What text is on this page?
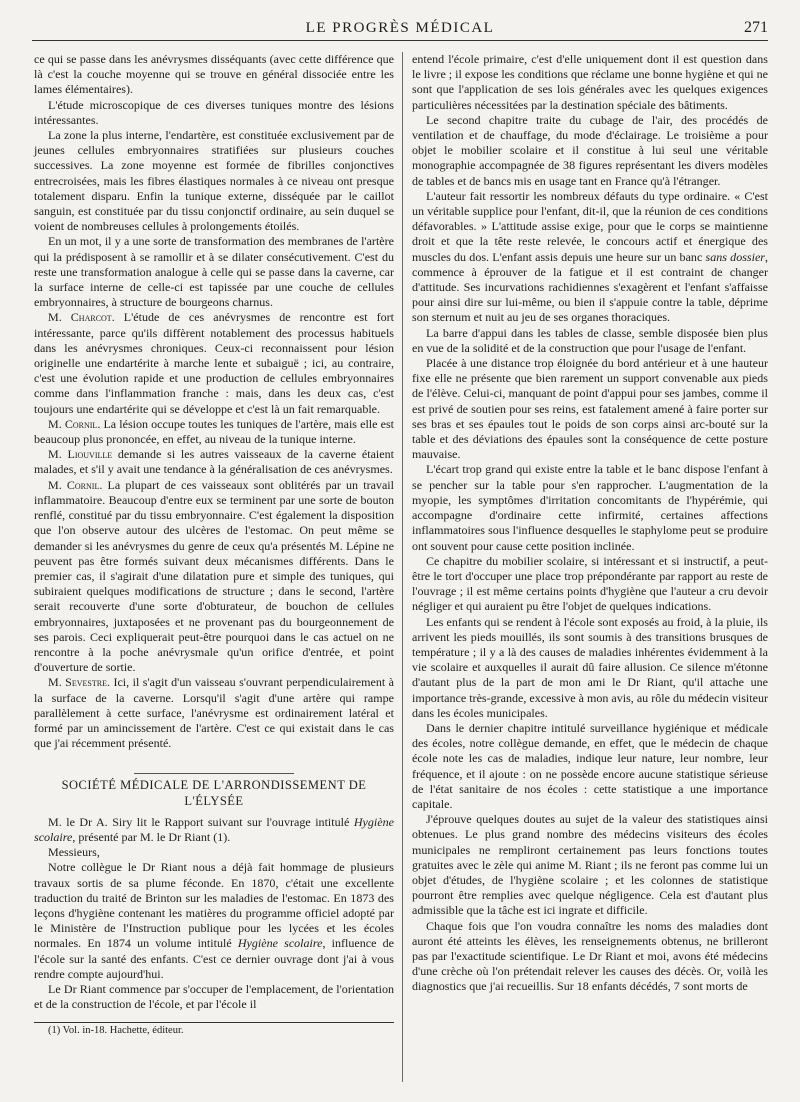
LE PROGRÈS MÉDICAL	271

ce qui se passe dans les anévrysmes disséquants (avec cette différence que là c'est la couche moyenne qui se trouve en général dissociée entre les lames élémentaires).

L'étude microscopique de ces diverses tuniques montre des lésions intéressantes.

La zone la plus interne, l'endartère, est constituée exclusivement par de jeunes cellules embryonnaires stratifiées sur plusieurs couches successives. La zone moyenne est formée de fibrilles conjonctives entrecroisées, mais les fibres élastiques normales à ce niveau ont presque totalement disparu. Enfin la tunique externe, disséquée par le caillot sanguin, est constituée par du tissu conjonctif ordinaire, au sein duquel se voient de nombreuses cellules à prolongements étoilés.

En un mot, il y a une sorte de transformation des membranes de l'artère qui la prédisposent à se ramollir et à se dilater consécutivement. C'est du reste une transformation analogue à celle qui se passe dans la caverne, car la surface interne de celle-ci est tapissée par une couche de cellules embryonnaires, à structure de bourgeons charnus.

M. Charcot. L'étude de ces anévrysmes de rencontre est fort intéressante, parce qu'ils diffèrent notablement des processus habituels dans les anévrysmes chroniques. Ceux-ci reconnaissent pour lésion originelle une endartérite à marche lente et subaiguë ; ici, au contraire, c'est une évolution rapide et une production de cellules embryonnaires comme dans l'inflammation franche : mais, dans les deux cas, c'est toujours une endartérite qui se développe et c'est là un fait remarquable.

M. Cornil. La lésion occupe toutes les tuniques de l'artère, mais elle est beaucoup plus prononcée, en effet, au niveau de la tunique interne.

M. Liouville demande si les autres vaisseaux de la caverne étaient malades, et s'il y avait une tendance à la généralisation de ces anévrysmes.

M. Cornil. La plupart de ces vaisseaux sont oblitérés par un travail inflammatoire. Beaucoup d'entre eux se terminent par une sorte de bouton renflé, constitué par du tissu embryonnaire. C'est également la disposition que l'on observe autour des ulcères de l'estomac. On peut même se demander si les anévrysmes du genre de ceux qu'a présentés M. Lépine ne peuvent pas être formés suivant deux mécanismes différents. Dans le premier cas, il s'agirait d'une dilatation pure et simple des tuniques, qui subiraient quelques modifications de structure ; dans le second, l'artère serait recouverte d'une sorte d'obturateur, de bouchon de cellules embryonnaires, juxtaposées et ne provenant pas du bourgeonnement de ses parois. Ceci expliquerait peut-être pourquoi dans le cas actuel on ne rencontre à la poche anévrysmale qu'un orifice d'entrée, et point d'ouverture de sortie.

M. Sevestre. Ici, il s'agit d'un vaisseau s'ouvrant perpendiculairement à la surface de la caverne. Lorsqu'il s'agit d'une artère qui rampe parallèlement à cette surface, l'anévrysme est ordinairement latéral et formé par un amincissement de l'artère. C'est ce qui existait dans le cas que j'ai récemment présenté.

SOCIÉTÉ MÉDICALE DE L'ARRONDISSEMENT DE L'ÉLYSÉE

M. le Dr A. Siry lit le Rapport suivant sur l'ouvrage intitulé Hygiène scolaire, présenté par M. le Dr Riant (1).

Messieurs,

Notre collègue le Dr Riant nous a déjà fait hommage de plusieurs travaux sortis de sa plume féconde. En 1870, c'était une excellente traduction du traité de Brinton sur les maladies de l'estomac. En 1873 des leçons d'hygiène contenant les matières du programme officiel adopté par le Ministère de l'Instruction publique pour les lycées et les écoles normales. En 1874 un volume intitulé Hygiène scolaire, influence de l'école sur la santé des enfants. C'est ce dernier ouvrage dont j'ai à vous rendre compte aujourd'hui.

Le Dr Riant commence par s'occuper de l'emplacement, de l'orientation et de la construction de l'école, et par l'école il

(1) Vol. in-18. Hachette, éditeur.

entend l'école primaire, c'est d'elle uniquement dont il est question dans le livre ; il expose les conditions que réclame une bonne hygiène et qui ne sont que l'application de ses lois générales avec les quelques exigences particulières nécessitées par la destination spéciale des bâtiments.

Le second chapitre traite du cubage de l'air, des procédés de ventilation et de chauffage, du mode d'éclairage. Le troisième a pour objet le mobilier scolaire et il constitue à lui seul une véritable monographie accompagnée de 38 figures représentant les divers modèles de tables et de bancs mis en usage tant en France qu'à l'étranger.

L'auteur fait ressortir les nombreux défauts du type ordinaire. « C'est un véritable supplice pour l'enfant, dit-il, que la réunion de ces conditions défavorables. » L'attitude assise exige, pour que le corps se maintienne droit et que la tête reste relevée, le concours actif et énergique des muscles du dos. L'enfant assis depuis une heure sur un banc sans dossier, commence à éprouver de la fatigue et il est contraint de changer d'attitude. Ses incurvations rachidiennes s'exagèrent et l'enfant s'affaisse pour ainsi dire sur lui-même, ou bien il s'appuie contre la table, déprime son sternum et nuit au jeu de ses organes thoraciques.

La barre d'appui dans les tables de classe, semble disposée bien plus en vue de la solidité et de la construction que pour l'usage de l'enfant.

Placée à une distance trop éloignée du bord antérieur et à une hauteur fixe elle ne présente que bien rarement un support convenable aux pieds de l'élève. Celui-ci, manquant de point d'appui pour ses jambes, comme il est privé de soutien pour ses reins, est fatalement amené à faire porter sur ses bras et ses épaules tout le poids de son corps ainsi arc-bouté sur la table et des déviations des épaules sont la conséquence de cette posture mauvaise.

L'écart trop grand qui existe entre la table et le banc dispose l'enfant à se pencher sur la table pour s'en rapprocher. L'augmentation de la myopie, les symptômes d'irritation concomitants de l'hypérémie, qui accompagne d'ordinaire cette infirmité, certaines affections inflammatoires sous l'influence desquelles le staphylome peut se produire ont souvent pour cause cette position inclinée.

Ce chapitre du mobilier scolaire, si intéressant et si instructif, a peut-être le tort d'occuper une place trop prépondérante par rapport au reste de l'ouvrage ; il est même certains points d'hygiène que l'auteur a cru devoir négliger et qui auraient pu être l'objet de quelques indications.

Les enfants qui se rendent à l'école sont exposés au froid, à la pluie, ils arrivent les pieds mouillés, ils sont soumis à des transitions brusques de température ; il y a là des causes de maladies inhérentes évidemment à la vie scolaire et auxquelles il aurait dû faire allusion. Ce silence m'étonne d'autant plus de la part de mon ami le Dr Riant, qu'il attache une importance très-grande, excessive à mon avis, au rôle du médecin visiteur dans les écoles municipales.

Dans le dernier chapitre intitulé surveillance hygiénique et médicale des écoles, notre collègue demande, en effet, que le médecin de chaque école note les cas de maladies, indique leur nature, leur nombre, leur fréquence, et il ajoute : on ne possède encore aucune statistique sérieuse de l'état sanitaire de nos écoles : cette statistique a une importance capitale.

J'éprouve quelques doutes au sujet de la valeur des statistiques ainsi obtenues. Le plus grand nombre des médecins visiteurs des écoles municipales ne rempliront certainement pas leurs fonctions toutes gratuites avec le zèle qui anime M. Riant ; ils ne feront pas comme lui un objet d'études, de l'hygiène scolaire ; et les colonnes de statistique pourront être remplies avec quelque négligence. Cela est d'autant plus admissible que la tâche est ici ingrate et difficile.

Chaque fois que l'on voudra connaître les noms des maladies dont auront été atteints les élèves, les renseignements obtenus, ne brilleront pas par l'exactitude scientifique. Le Dr Riant et moi, avons été médecins d'une crèche où l'on prétendait relever les causes des décès. Or, voilà les diagnostics que j'ai recueillis. Sur 18 enfants décédés, 7 sont morts de
